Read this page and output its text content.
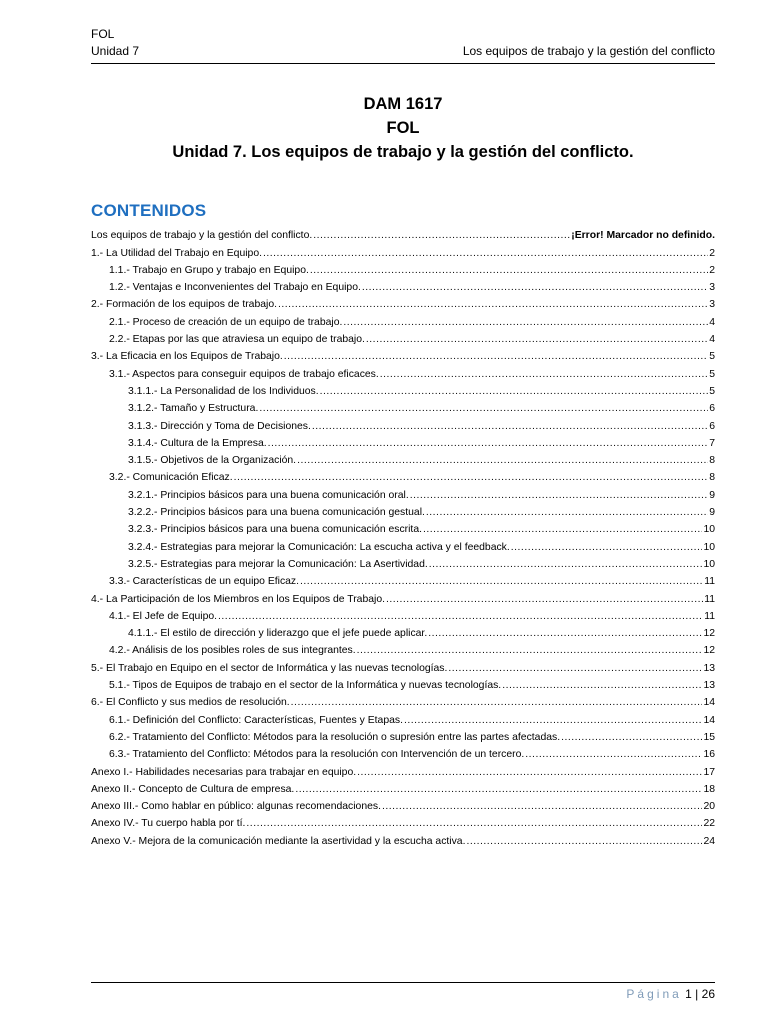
FOL
Unidad 7	Los equipos de trabajo y la gestión del conflicto
DAM 1617
FOL
Unidad 7. Los equipos de trabajo y la gestión del conflicto.
CONTENIDOS
Los equipos de trabajo y la gestión del conflicto. .....	¡Error! Marcador no definido.
1.- La Utilidad del Trabajo en Equipo. .....	2
1.1.- Trabajo en Grupo y trabajo en Equipo. .....	2
1.2.- Ventajas e Inconvenientes del Trabajo en Equipo. .....	3
2.- Formación de los equipos de trabajo. .....	3
2.1.- Proceso de creación de un equipo de trabajo. .....	4
2.2.- Etapas por las que atraviesa un equipo de trabajo. .....	4
3.- La Eficacia en los Equipos de Trabajo. .....	5
3.1.- Aspectos para conseguir equipos de trabajo eficaces. .....	5
3.1.1.- La Personalidad de los Individuos. .....	5
3.1.2.- Tamaño y Estructura. .....	6
3.1.3.- Dirección y Toma de Decisiones. .....	6
3.1.4.- Cultura de la Empresa. .....	7
3.1.5.- Objetivos de la Organización. .....	8
3.2.- Comunicación Eficaz. .....	8
3.2.1.- Principios básicos para una buena comunicación oral. .....	9
3.2.2.- Principios básicos para una buena comunicación gestual. .....	9
3.2.3.- Principios básicos para una buena comunicación escrita. .....	10
3.2.4.- Estrategias para mejorar la Comunicación: La escucha activa y el feedback. .....	10
3.2.5.- Estrategias para mejorar la Comunicación: La Asertividad. .....	10
3.3.- Características de un equipo Eficaz. .....	11
4.- La Participación de los Miembros en los Equipos de Trabajo. .....	11
4.1.- El Jefe de Equipo. .....	11
4.1.1.- El estilo de dirección y liderazgo que el jefe puede aplicar. .....	12
4.2.- Análisis de los posibles roles de sus integrantes. .....	12
5.- El Trabajo en Equipo en el sector de Informática y las nuevas tecnologías. .....	13
5.1.- Tipos de Equipos de trabajo en el sector de la Informática y nuevas tecnologías. .....	13
6.- El Conflicto y sus medios de resolución. .....	14
6.1.- Definición del Conflicto: Características, Fuentes y Etapas. .....	14
6.2.- Tratamiento del Conflicto: Métodos para la resolución o supresión entre las partes afectadas. .....	15
6.3.- Tratamiento del Conflicto: Métodos para la resolución con Intervención de un tercero. .....	16
Anexo I.- Habilidades necesarias para trabajar en equipo. .....	17
Anexo II.- Concepto de Cultura de empresa. .....	18
Anexo III.- Como hablar en público: algunas recomendaciones. .....	20
Anexo IV.- Tu cuerpo habla por tí. .....	22
Anexo V.- Mejora de la comunicación mediante la asertividad y la escucha activa. .....	24
Página 1 | 26
